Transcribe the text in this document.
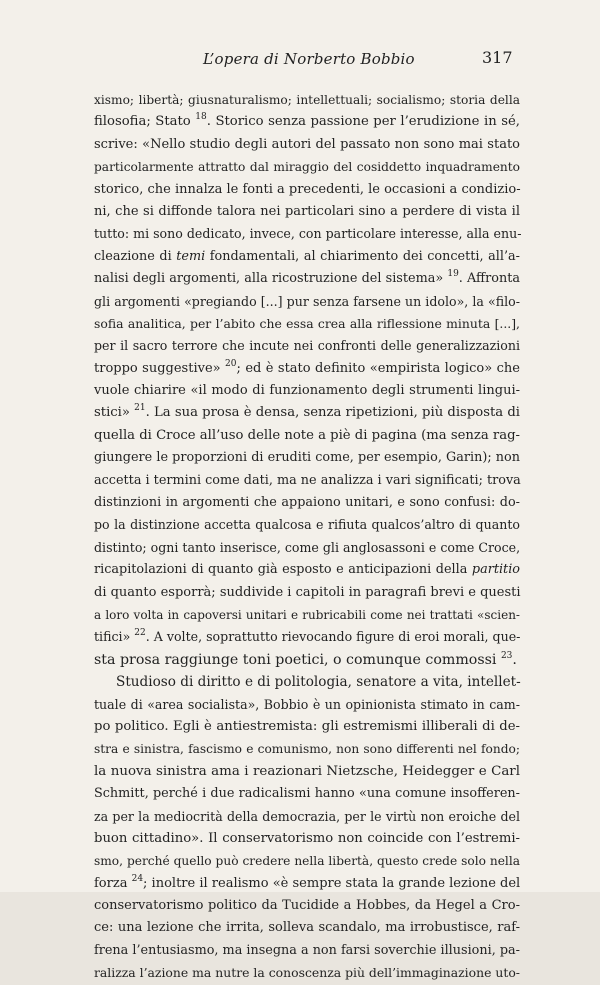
L’opera di Norberto Bobbio	317
xismo; libertà; giusnaturalismo; intellettuali; socialismo; storia della
filosofia; Stato $^{18}$. Storico senza passione per l’erudizione in sé,
scrive: «Nello studio degli autori del passato non sono mai stato
particolarmente attratto dal miraggio del cosiddetto inquadramento
storico, che innalza le fonti a precedenti, le occasioni a condizio-
ni, che si diffonde talora nei particolari sino a perdere di vista il
tutto: mi sono dedicato, invece, con particolare interesse, alla enu-
cleazione di temi fondamentali, al chiarimento dei concetti, all’a-
nalisi degli argomenti, alla ricostruzione del sistema» $^{19}$. Affronta
gli argomenti «pregiando [...] pur senza farsene un idolo», la «filo-
sofia analitica, per l’abito che essa crea alla riflessione minuta [...],
per il sacro terrore che incute nei confronti delle generalizzazioni
troppo suggestive» $^{20}$; ed è stato definito «empirista logico» che
vuole chiarire «il modo di funzionamento degli strumenti lingui-
stici» $^{21}$. La sua prosa è densa, senza ripetizioni, più disposta di
quella di Croce all’uso delle note a piè di pagina (ma senza rag-
giungere le proporzioni di eruditi come, per esempio, Garin); non
accetta i termini come dati, ma ne analizza i vari significati; trova
distinzioni in argomenti che appaiono unitari, e sono confusi: do-
po la distinzione accetta qualcosa e rifiuta qualcos’altro di quanto
distinto; ogni tanto inserisce, come gli anglosassoni e come Croce,
ricapitolazioni di quanto già esposto e anticipazioni della partitio
di quanto esporrà; suddivide i capitoli in paragrafi brevi e questi
a loro volta in capoversi unitari e rubricabili come nei trattati «scien-
tifici» $^{22}$. A volte, soprattutto rievocando figure di eroi morali, que-
sta prosa raggiunge toni poetici, o comunque commossi $^{23}$.
Studioso di diritto e di politologia, senatore a vita, intellet-
tuale di «area socialista», Bobbio è un opinionista stimato in cam-
po politico. Egli è antiestremista: gli estremismi illiberali di de-
stra e sinistra, fascismo e comunismo, non sono differenti nel fondo;
la nuova sinistra ama i reazionari Nietzsche, Heidegger e Carl
Schmitt, perché i due radicalismi hanno «una comune insofferen-
za per la mediocrità della democrazia, per le virtù non eroiche del
buon cittadino». Il conservatorismo non coincide con l’estremi-
smo, perché quello può credere nella libertà, questo crede solo nella
forza $^{24}$; inoltre il realismo «è sempre stata la grande lezione del
conservatorismo politico da Tucidide a Hobbes, da Hegel a Cro-
ce: una lezione che irrita, solleva scandalo, ma irrobustisce, raf-
frena l’entusiasmo, ma insegna a non farsi soverchie illusioni, pa-
ralizza l’azione ma nutre la conoscenza più dell’immaginazione uto-
